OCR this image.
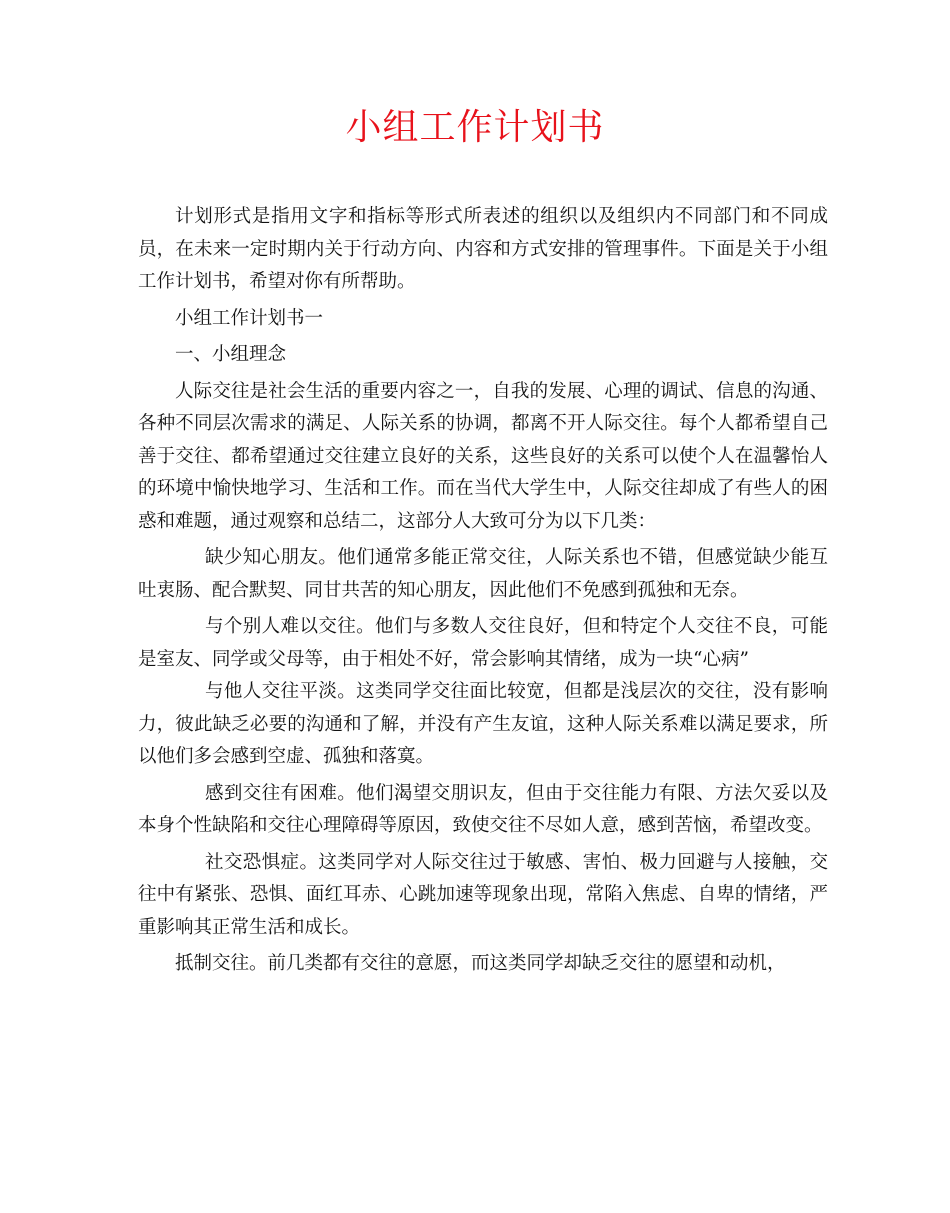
小组工作计划书

计划形式是指用文字和指标等形式所表述的组织以及组织内不同部门和不同成员，在未来一定时期内关于行动方向、内容和方式安排的管理事件。下面是关于小组工作计划书，希望对你有所帮助。

小组工作计划书一

一、小组理念

人际交往是社会生活的重要内容之一，自我的发展、心理的调试、信息的沟通、各种不同层次需求的满足、人际关系的协调，都离不开人际交往。每个人都希望自己善于交往、都希望通过交往建立良好的关系，这些良好的关系可以使个人在温馨怡人的环境中愉快地学习、生活和工作。而在当代大学生中，人际交往却成了有些人的困惑和难题，通过观察和总结二，这部分人大致可分为以下几类：

缺少知心朋友。他们通常多能正常交往，人际关系也不错，但感觉缺少能互吐衷肠、配合默契、同甘共苦的知心朋友，因此他们不免感到孤独和无奈。

与个别人难以交往。他们与多数人交往良好，但和特定个人交往不良，可能是室友、同学或父母等，由于相处不好，常会影响其情绪，成为一块“心病”

与他人交往平淡。这类同学交往面比较宽，但都是浅层次的交往，没有影响力，彼此缺乏必要的沟通和了解，并没有产生友谊，这种人际关系难以满足要求，所以他们多会感到空虚、孤独和落寞。

感到交往有困难。他们渴望交朋识友，但由于交往能力有限、方法欠妥以及本身个性缺陷和交往心理障碍等原因，致使交往不尽如人意，感到苦恼，希望改变。

社交恐惧症。这类同学对人际交往过于敏感、害怕、极力回避与人接触，交往中有紧张、恐惧、面红耳赤、心跳加速等现象出现，常陷入焦虑、自卑的情绪，严重影响其正常生活和成长。

抵制交往。前几类都有交往的意愿，而这类同学却缺乏交往的愿望和动机，
